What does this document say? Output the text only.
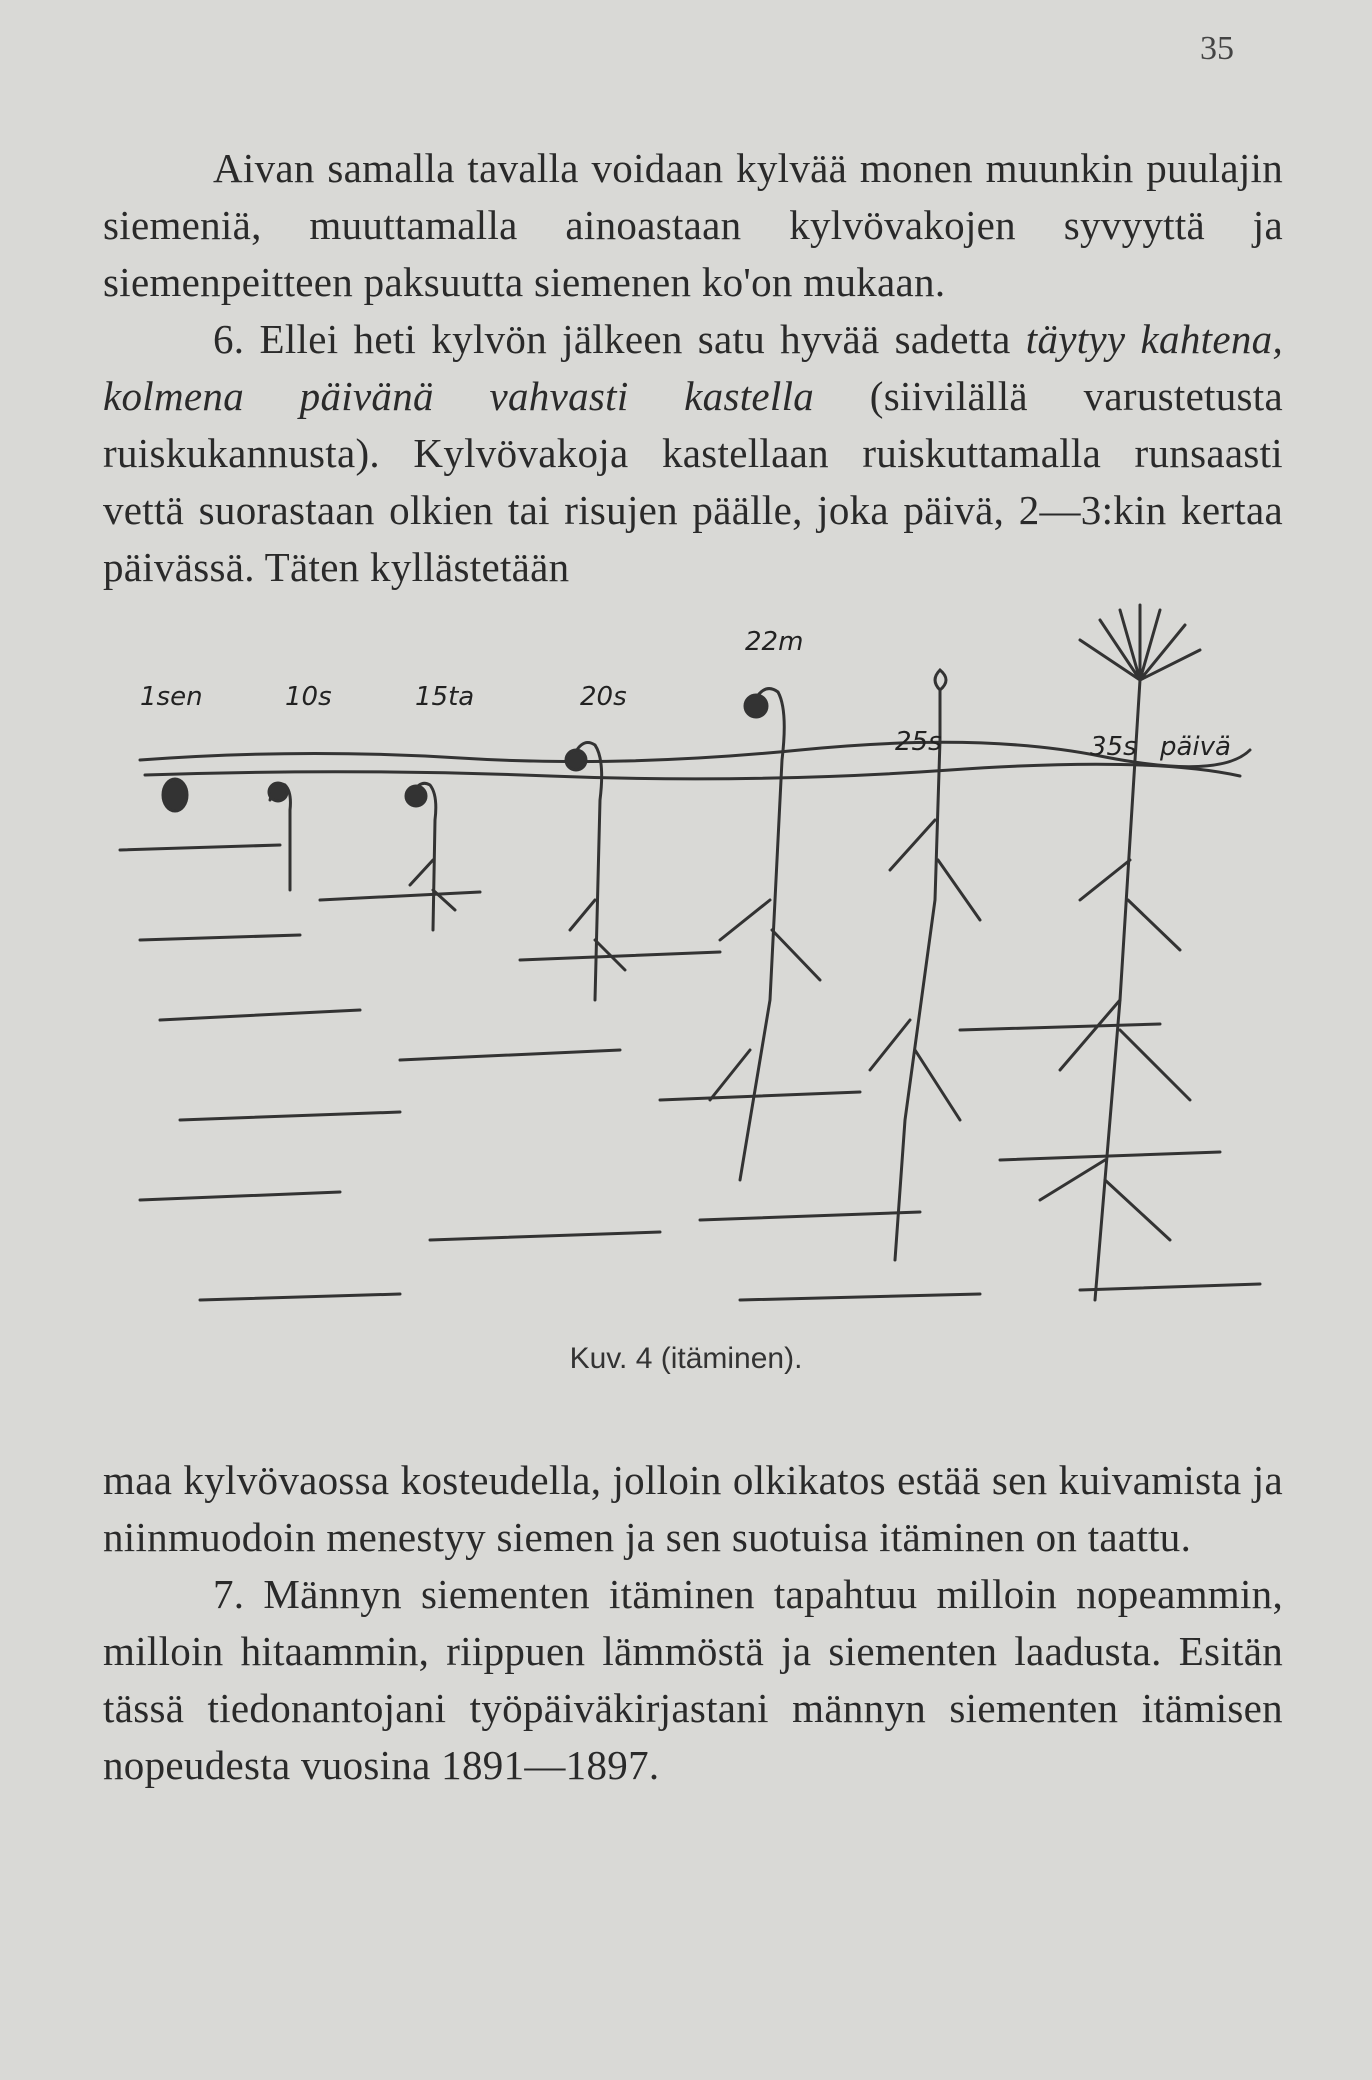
35

Aivan samalla tavalla voidaan kylvää monen muunkin puulajin siemeniä, muuttamalla ainoastaan kylvövakojen syvyyttä ja siemenpeitteen paksuutta siemenen ko'on mukaan.

6. Ellei heti kylvön jälkeen satu hyvää sadetta täytyy kahtena, kolmena päivänä vahvasti kastella (siivilällä varustetusta ruiskukannusta). Kylvövakoja kastellaan ruiskuttamalla runsaasti vettä suorastaan olkien tai risujen päälle, joka päivä, 2—3:kin kertaa päivässä. Täten kyllästetään

1sen	10s	15ta	20s
22m
25s	35s päivä
Kuv. 4 (itäminen).

maa kylvövaossa kosteudella, jolloin olkikatos estää sen kuivamista ja niinmuodoin menestyy siemen ja sen suotuisa itäminen on taattu.

7. Männyn siementen itäminen tapahtuu milloin nopeammin, milloin hitaammin, riippuen lämmöstä ja siementen laadusta. Esitän tässä tiedonantojani työpäiväkirjastani männyn siementen itämisen nopeudesta vuosina 1891—1897.
